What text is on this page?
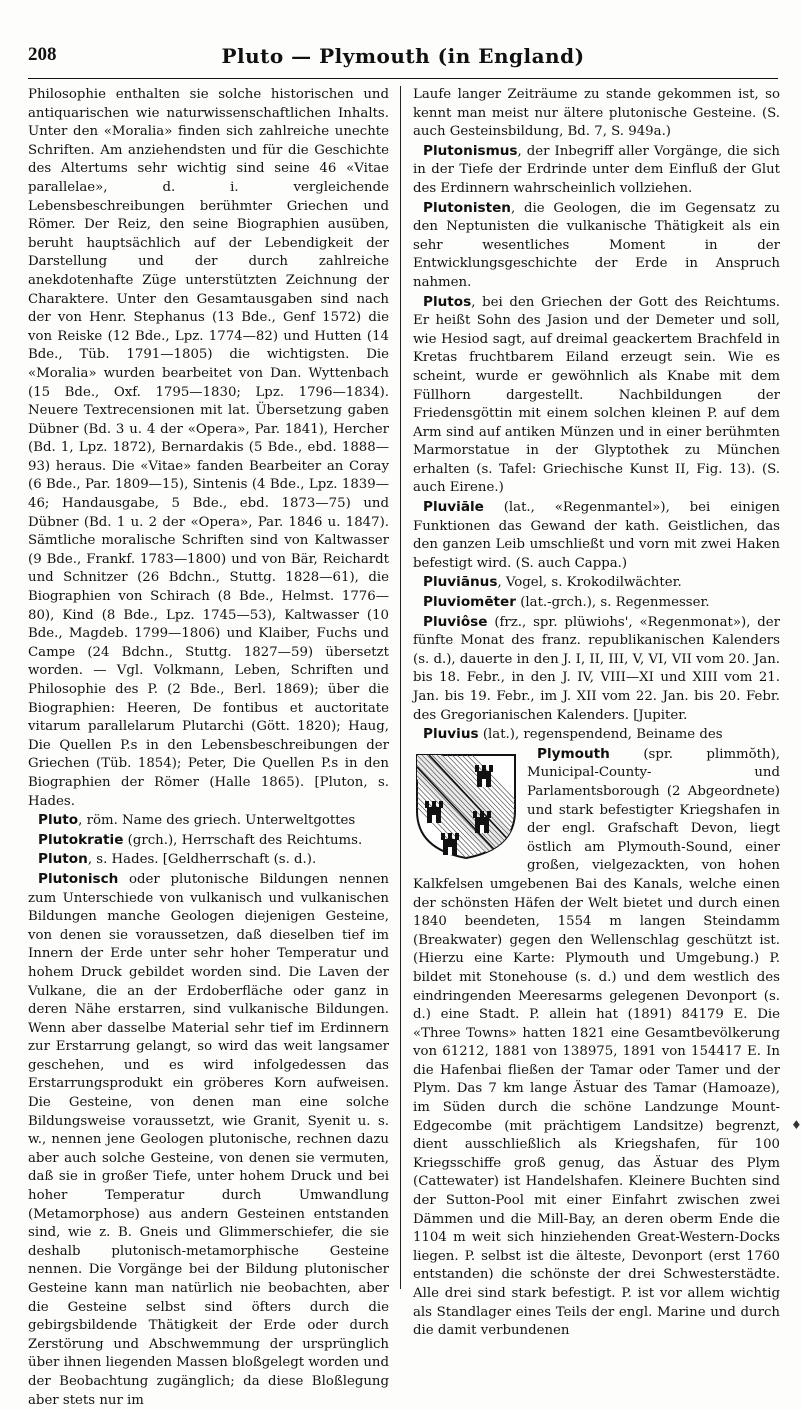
208	Pluto — Plymouth (in England)

Philosophie enthalten sie solche historischen und antiquarischen wie naturwissenschaftlichen Inhalts. Unter den «Moralia» finden sich zahlreiche unechte Schriften. Am anziehendsten und für die Geschichte des Altertums sehr wichtig sind seine 46 «Vitae parallelae», d. i. vergleichende Lebensbeschreibungen berühmter Griechen und Römer. Der Reiz, den seine Biographien ausüben, beruht hauptsächlich auf der Lebendigkeit der Darstellung und der durch zahlreiche anekdotenhafte Züge unterstützten Zeichnung der Charaktere. Unter den Gesamtausgaben sind nach der von Henr. Stephanus (13 Bde., Genf 1572) die von Reiske (12 Bde., Lpz. 1774—82) und Hutten (14 Bde., Tüb. 1791—1805) die wichtigsten. Die «Moralia» wurden bearbeitet von Dan. Wyttenbach (15 Bde., Oxf. 1795—1830; Lpz. 1796—1834). Neuere Textrecensionen mit lat. Übersetzung gaben Dübner (Bd. 3 u. 4 der «Opera», Par. 1841), Hercher (Bd. 1, Lpz. 1872), Bernardakis (5 Bde., ebd. 1888—93) heraus. Die «Vitae» fanden Bearbeiter an Coray (6 Bde., Par. 1809—15), Sintenis (4 Bde., Lpz. 1839—46; Handausgabe, 5 Bde., ebd. 1873—75) und Dübner (Bd. 1 u. 2 der «Opera», Par. 1846 u. 1847). Sämtliche moralische Schriften sind von Kaltwasser (9 Bde., Frankf. 1783—1800) und von Bär, Reichardt und Schnitzer (26 Bdchn., Stuttg. 1828—61), die Biographien von Schirach (8 Bde., Helmst. 1776—80), Kind (8 Bde., Lpz. 1745—53), Kaltwasser (10 Bde., Magdeb. 1799—1806) und Klaiber, Fuchs und Campe (24 Bdchn., Stuttg. 1827—59) übersetzt worden. — Vgl. Volkmann, Leben, Schriften und Philosophie des P. (2 Bde., Berl. 1869); über die Biographien: Heeren, De fontibus et auctoritate vitarum parallelarum Plutarchi (Gött. 1820); Haug, Die Quellen P.s in den Lebensbeschreibungen der Griechen (Tüb. 1854); Peter, Die Quellen P.s in den Biographien der Römer (Halle 1865). [Pluton, s. Hades.

Pluto, röm. Name des griech. Unterweltgottes

Plutokratie (grch.), Herrschaft des Reichtums.

Pluton, s. Hades. [Geldherrschaft (s. d.).

Plutonisch oder plutonische Bildungen nennen zum Unterschiede von vulkanisch und vulkanischen Bildungen manche Geologen diejenigen Gesteine, von denen sie voraussetzen, daß dieselben tief im Innern der Erde unter sehr hoher Temperatur und hohem Druck gebildet worden sind. Die Laven der Vulkane, die an der Erdoberfläche oder ganz in deren Nähe erstarren, sind vulkanische Bildungen. Wenn aber dasselbe Material sehr tief im Erdinnern zur Erstarrung gelangt, so wird das weit langsamer geschehen, und es wird infolgedessen das Erstarrungsprodukt ein gröberes Korn aufweisen. Die Gesteine, von denen man eine solche Bildungsweise voraussetzt, wie Granit, Syenit u. s. w., nennen jene Geologen plutonische, rechnen dazu aber auch solche Gesteine, von denen sie vermuten, daß sie in großer Tiefe, unter hohem Druck und bei hoher Temperatur durch Umwandlung (Metamorphose) aus andern Gesteinen entstanden sind, wie z. B. Gneis und Glimmerschiefer, die sie deshalb plutonisch-metamorphische Gesteine nennen. Die Vorgänge bei der Bildung plutonischer Gesteine kann man natürlich nie beobachten, aber die Gesteine selbst sind öfters durch die gebirgsbildende Thätigkeit der Erde oder durch Zerstörung und Abschwemmung der ursprünglich über ihnen liegenden Massen bloßgelegt worden und der Beobachtung zugänglich; da diese Bloßlegung aber stets nur im

Laufe langer Zeiträume zu stande gekommen ist, so kennt man meist nur ältere plutonische Gesteine. (S. auch Gesteinsbildung, Bd. 7, S. 949a.)

Plutonismus, der Inbegriff aller Vorgänge, die sich in der Tiefe der Erdrinde unter dem Einfluß der Glut des Erdinnern wahrscheinlich vollziehen.

Plutonisten, die Geologen, die im Gegensatz zu den Neptunisten die vulkanische Thätigkeit als ein sehr wesentliches Moment in der Entwicklungsgeschichte der Erde in Anspruch nahmen.

Plutos, bei den Griechen der Gott des Reichtums. Er heißt Sohn des Jasion und der Demeter und soll, wie Hesiod sagt, auf dreimal geackertem Brachfeld in Kretas fruchtbarem Eiland erzeugt sein. Wie es scheint, wurde er gewöhnlich als Knabe mit dem Füllhorn dargestellt. Nachbildungen der Friedensgöttin mit einem solchen kleinen P. auf dem Arm sind auf antiken Münzen und in einer berühmten Marmorstatue in der Glyptothek zu München erhalten (s. Tafel: Griechische Kunst II, Fig. 13). (S. auch Eirene.)

Pluviāle (lat., «Regenmantel»), bei einigen Funktionen das Gewand der kath. Geistlichen, das den ganzen Leib umschließt und vorn mit zwei Haken befestigt wird. (S. auch Cappa.)

Pluviānus, Vogel, s. Krokodilwächter.

Pluviomēter (lat.-grch.), s. Regenmesser.

Pluviôse (frz., spr. plüwiohs', «Regenmonat»), der fünfte Monat des franz. republikanischen Kalenders (s. d.), dauerte in den J. I, II, III, V, VI, VII vom 20. Jan. bis 18. Febr., in den J. IV, VIII—XI und XIII vom 21. Jan. bis 19. Febr., im J. XII vom 22. Jan. bis 20. Febr. des Gregorianischen Kalenders. [Jupiter.

Pluvius (lat.), regenspendend, Beiname des

Plymouth (spr. plimmŏth), Municipal-County- und Parlamentsborough (2 Abgeordnete) und stark befestigter Kriegshafen in der engl. Grafschaft Devon, liegt östlich am Plymouth-Sound, einer großen, vielgezackten, von hohen Kalkfelsen umgebenen Bai des Kanals, welche einen der schönsten Häfen der Welt bietet und durch einen 1840 beendeten, 1554 m langen Steindamm (Breakwater) gegen den Wellenschlag geschützt ist. (Hierzu eine Karte: Plymouth und Umgebung.) P. bildet mit Stonehouse (s. d.) und dem westlich des eindringenden Meeresarms gelegenen Devonport (s. d.) eine Stadt. P. allein hat (1891) 84179 E. Die «Three Towns» hatten 1821 eine Gesamtbevölkerung von 61212, 1881 von 138975, 1891 von 154417 E. In die Hafenbai fließen der Tamar oder Tamer und der Plym. Das 7 km lange Ästuar des Tamar (Hamoaze), im Süden durch die schöne Landzunge Mount-Edgecombe (mit prächtigem Landsitze) begrenzt, dient ausschließlich als Kriegshafen, für 100 Kriegsschiffe groß genug, das Ästuar des Plym (Cattewater) ist Handelshafen. Kleinere Buchten sind der Sutton-Pool mit einer Einfahrt zwischen zwei Dämmen und die Mill-Bay, an deren oberm Ende die 1104 m weit sich hinziehenden Great-Western-Docks liegen. P. selbst ist die älteste, Devonport (erst 1760 entstanden) die schönste der drei Schwesterstädte. Alle drei sind stark befestigt. P. ist vor allem wichtig als Standlager eines Teils der engl. Marine und durch die damit verbundenen

♦
